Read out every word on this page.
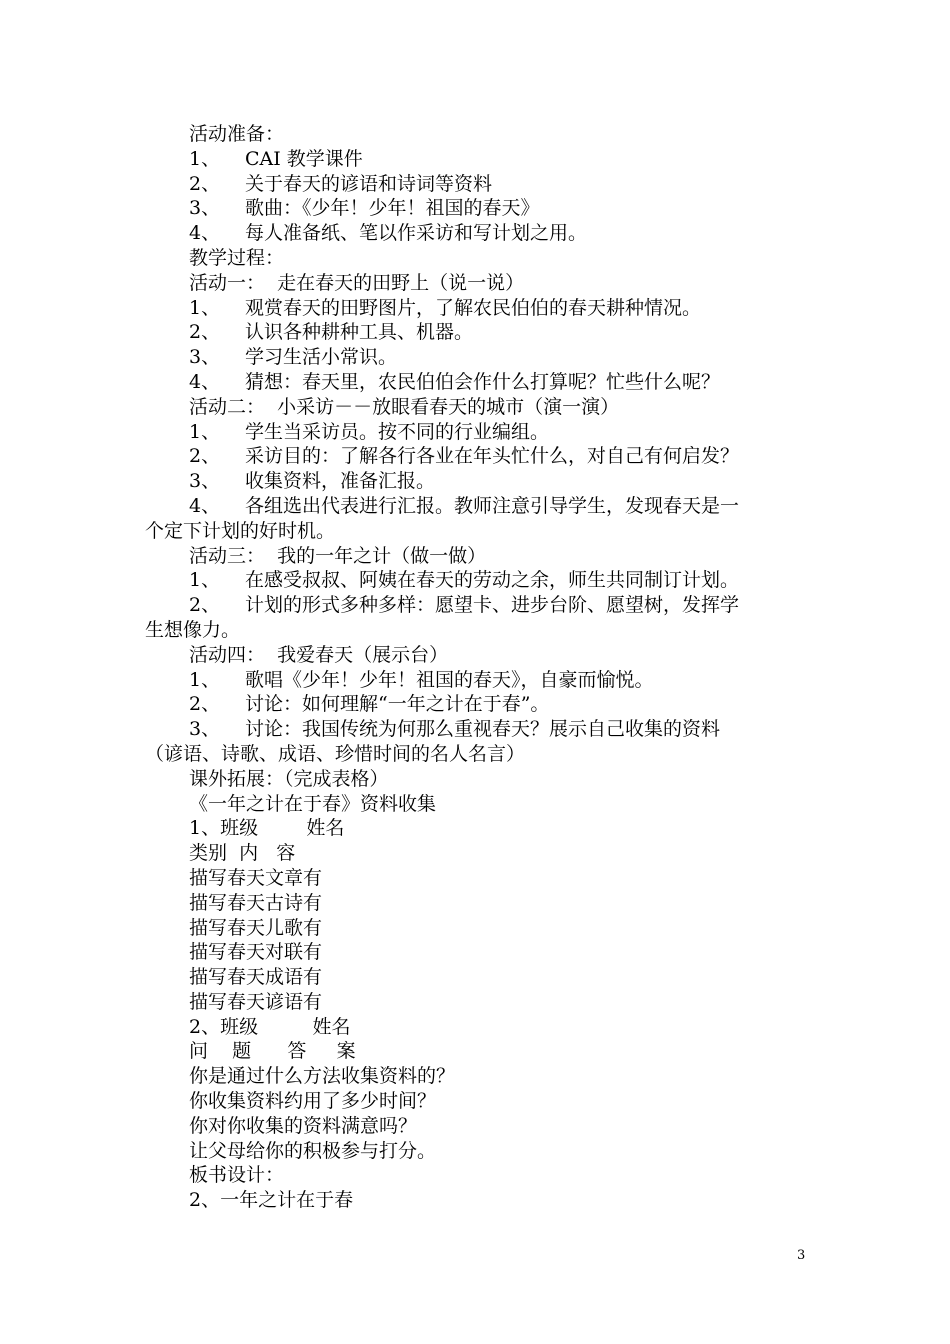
活动准备：
1、 CAI 教学课件
2、 关于春天的谚语和诗词等资料
3、 歌曲：《少年！少年！祖国的春天》
4、 每人准备纸、笔以作采访和写计划之用。
教学过程：
活动一：  走在春天的田野上（说一说）
1、 观赏春天的田野图片，了解农民伯伯的春天耕种情况。
2、 认识各种耕种工具、机器。
3、 学习生活小常识。
4、 猜想：春天里，农民伯伯会作什么打算呢？忙些什么呢？
活动二：  小采访－－放眼看春天的城市（演一演）
1、 学生当采访员。按不同的行业编组。
2、 采访目的：了解各行各业在年头忙什么，对自己有何启发？
3、 收集资料，准备汇报。
4、 各组选出代表进行汇报。教师注意引导学生，发现春天是一
个定下计划的好时机。
活动三：  我的一年之计（做一做）
1、 在感受叔叔、阿姨在春天的劳动之余，师生共同制订计划。
2、 计划的形式多种多样：愿望卡、进步台阶、愿望树，发挥学
生想像力。
活动四：  我爱春天（展示台）
1、 歌唱《少年！少年！祖国的春天》，自豪而愉悦。
2、 讨论：如何理解“一年之计在于春”。
3、 讨论：我国传统为何那么重视春天？展示自己收集的资料
（谚语、诗歌、成语、珍惜时间的名人名言）
课外拓展：（完成表格）
《一年之计在于春》资料收集
1、班级        姓名
类别  内   容
描写春天文章有
描写春天古诗有
描写春天儿歌有
描写春天对联有
描写春天成语有
描写春天谚语有
2、班级         姓名
问    题      答     案
你是通过什么方法收集资料的？
你收集资料约用了多少时间？
你对你收集的资料满意吗？
让父母给你的积极参与打分。
板书设计：
2、一年之计在于春
3
